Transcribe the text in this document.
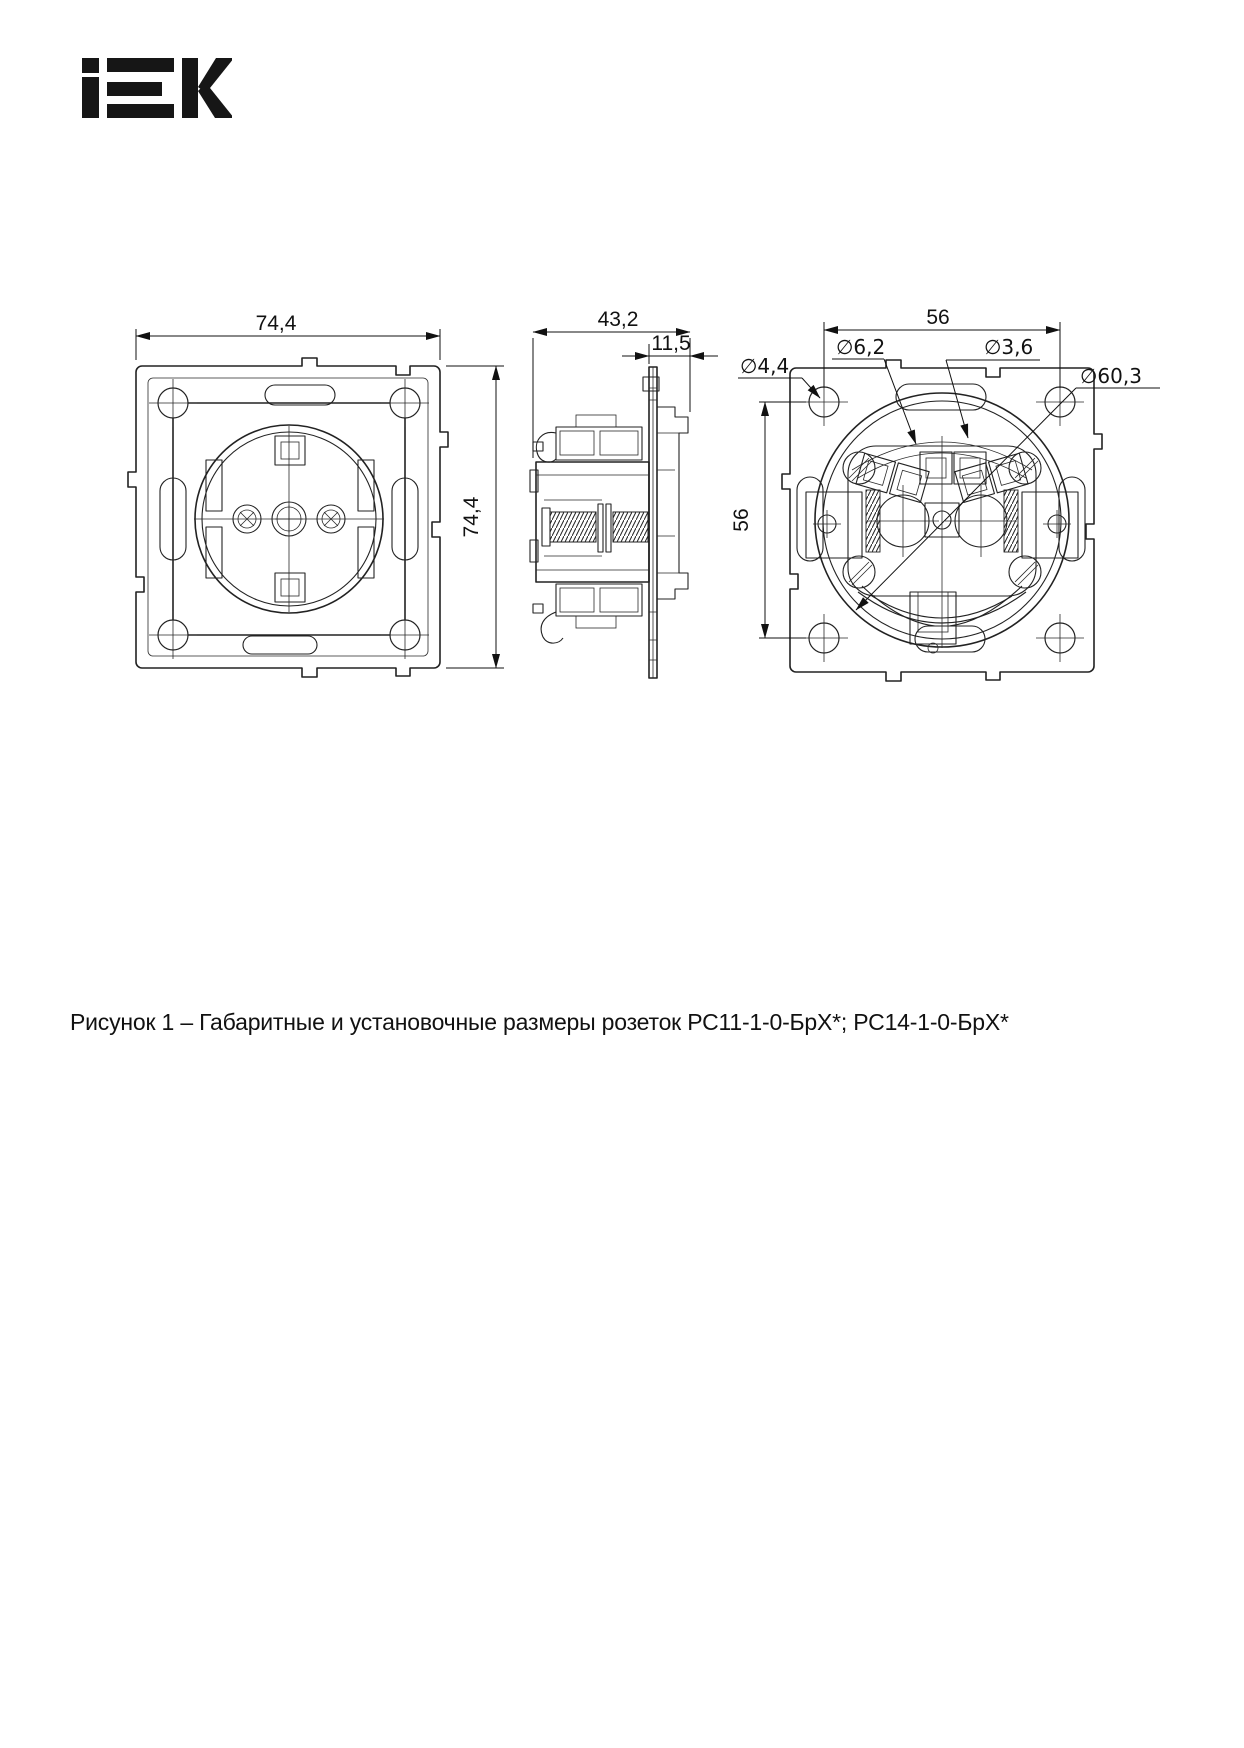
74,4
74,4
43,2
11,5
56
56
∅4,4
∅6,2	∅3,6
∅60,3

Рисунок 1 – Габаритные и установочные размеры розеток РС11-1-0-БрХ*; РС14-1-0-БрХ*
